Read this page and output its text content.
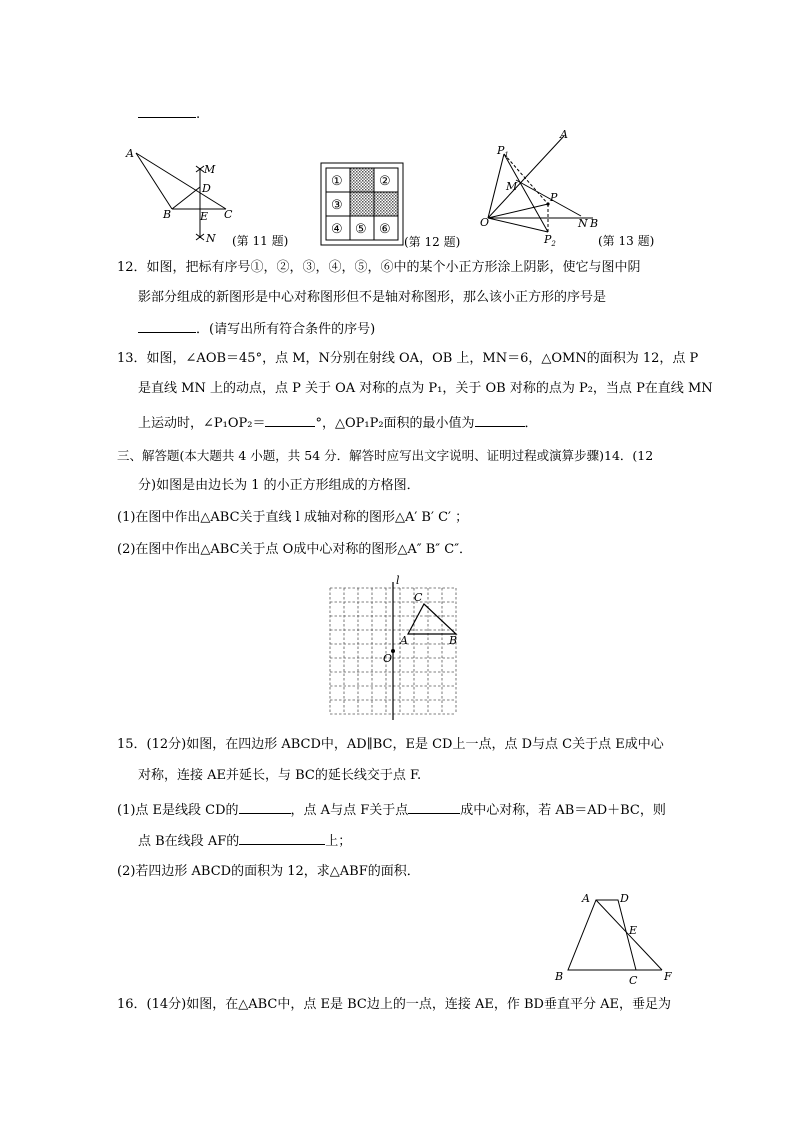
.
A
M
D
B	E C
N (第 11 题)
①	②
③
④ ⑤ ⑥
(第 12 题)
A
$P_1$
M
P
O	N B
$P_2$	(第 13 题)
12．如图，把标有序号①，②，③，④，⑤，⑥中的某个小正方形涂上阴影，使它与图中阴
影部分组成的新图形是中心对称图形但不是轴对称图形，那么该小正方形的序号是
．(请写出所有符合条件的序号)
13．如图，∠AOB＝45°，点 M，N分别在射线 OA，OB 上，MN＝6，△OMN的面积为 12，点 P
是直线 MN 上的动点，点 P 关于 OA 对称的点为 P₁，关于 OB 对称的点为 P₂，当点 P在直线 MN
上运动时，∠P₁OP₂＝	°，△OP₁P₂面积的最小值为	．
三、解答题(本大题共 4 小题，共 54 分．解答时应写出文字说明、证明过程或演算步骤)14．(12
分)如图是由边长为 1 的小正方形组成的方格图．
(1)在图中作出△ABC关于直线 l 成轴对称的图形△A′ B′ C′ ；
(2)在图中作出△ABC关于点 O成中心对称的图形△A″ B″ C″．
l
C
A	B
O
15．(12分)如图，在四边形 ABCD中，AD∥BC，E是 CD上一点，点 D与点 C关于点 E成中心
对称，连接 AE并延长，与 BC的延长线交于点 F.
(1)点 E是线段 CD的	，点 A与点 F关于点	成中心对称，若 AB＝AD＋BC，则
点 B在线段 AF的	上；
(2)若四边形 ABCD的面积为 12，求△ABF的面积．
A	D
E
B	C F
16．(14分)如图，在△ABC中，点 E是 BC边上的一点，连接 AE，作 BD垂直平分 AE，垂足为
